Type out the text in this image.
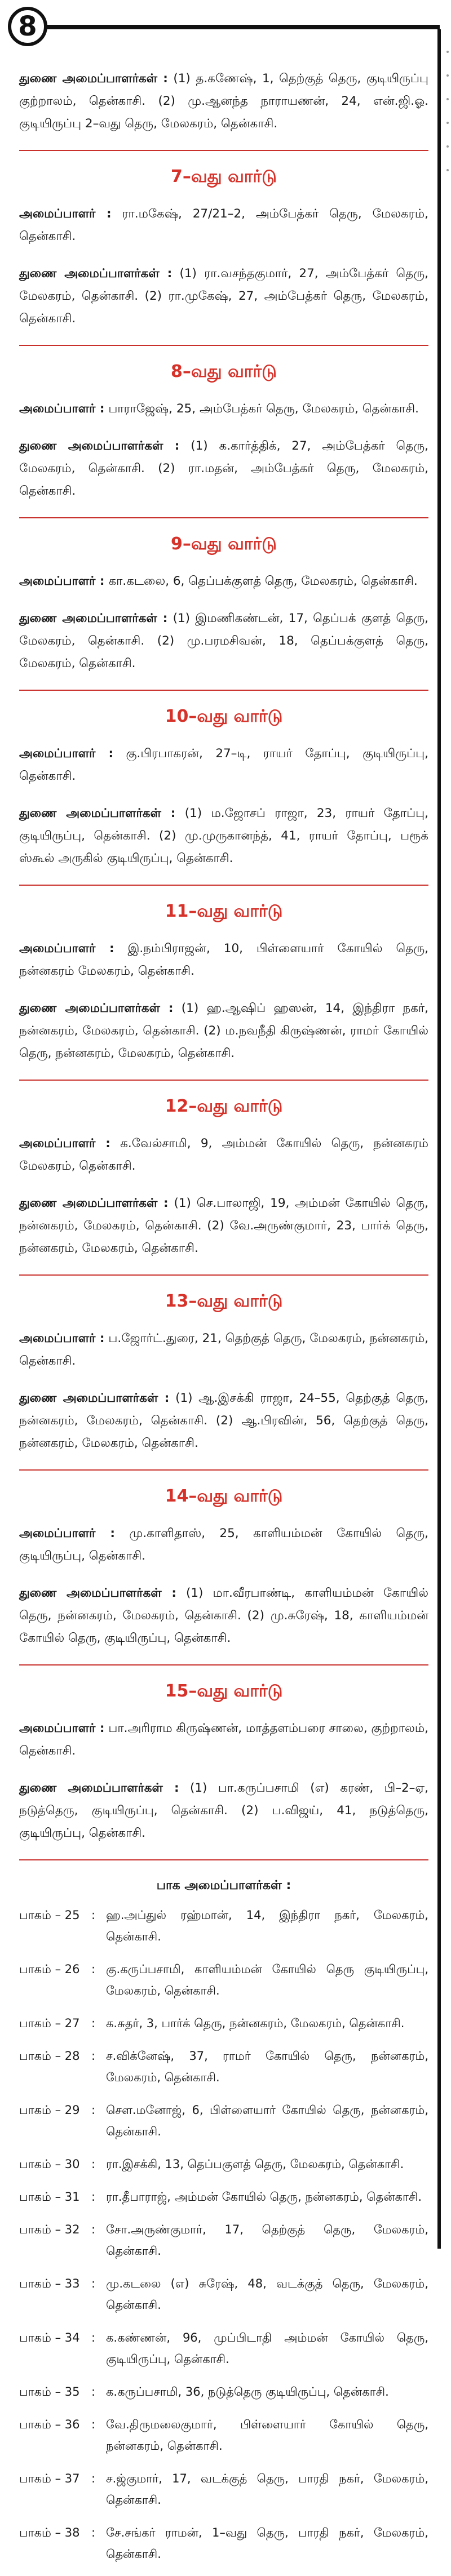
8

துணை அமைப்பாளர்கள் : (1) த.கணேஷ், 1, தெற்குத் தெரு, குடியிருப்பு குற்றாலம், தென்காசி. (2) மு.ஆனந்த நாராயணன், 24, என்.ஜி.ஓ. குடியிருப்பு 2–வது தெரு, மேலகரம், தென்காசி.

7–வது வார்டு

அமைப்பாளர் : ரா.மகேஷ், 27/21–2, அம்பேத்கர் தெரு, மேலகரம், தென்காசி.

துணை அமைப்பாளர்கள் : (1) ரா.வசந்தகுமார், 27, அம்பேத்கர் தெரு, மேலகரம், தென்காசி. (2) ரா.முகேஷ், 27, அம்பேத்கர் தெரு, மேலகரம், தென்காசி.

8–வது வார்டு

அமைப்பாளர் : பாராஜேஷ், 25, அம்பேத்கர் தெரு, மேலகரம், தென்காசி.

துணை அமைப்பாளர்கள் : (1) க.கார்த்திக், 27, அம்பேத்கர் தெரு, மேலகரம், தென்காசி. (2) ரா.மதன், அம்பேத்கர் தெரு, மேலகரம், தென்காசி.

9–வது வார்டு

அமைப்பாளர் : கா.கடலை, 6, தெப்பக்குளத் தெரு, மேலகரம், தென்காசி.

துணை அமைப்பாளர்கள் : (1) இமணிகண்டன், 17, தெப்பக் குளத் தெரு, மேலகரம், தென்காசி. (2) மு.பரமசிவன், 18, தெப்பக்குளத் தெரு, மேலகரம், தென்காசி.

10–வது வார்டு

அமைப்பாளர் : கு.பிரபாகரன், 27–டி, ராயர் தோப்பு, குடியிருப்பு, தென்காசி.

துணை அமைப்பாளர்கள் : (1) ம.ஜோசப் ராஜா, 23, ராயர் தோப்பு, குடியிருப்பு, தென்காசி. (2) மு.முருகானந்த், 41, ராயர் தோப்பு, பரூக் ஸ்கூல் அருகில் குடியிருப்பு, தென்காசி.

11–வது வார்டு

அமைப்பாளர் : இ.நம்பிராஜன், 10, பிள்ளையார் கோயில் தெரு, நன்னகரம் மேலகரம், தென்காசி.

துணை அமைப்பாளர்கள் : (1) ஹ.ஆஷிப் ஹஸன், 14, இந்திரா நகர், நன்னகரம், மேலகரம், தென்காசி. (2) ம.நவநீதி கிருஷ்ணன், ராமர் கோயில் தெரு, நன்னகரம், மேலகரம், தென்காசி.

12–வது வார்டு

அமைப்பாளர் : க.வேல்சாமி, 9, அம்மன் கோயில் தெரு, நன்னகரம் மேலகரம், தென்காசி.

துணை அமைப்பாளர்கள் : (1) செ.பாலாஜி, 19, அம்மன் கோயில் தெரு, நன்னகரம், மேலகரம், தென்காசி. (2) வே.அருண்குமார், 23, பார்க் தெரு, நன்னகரம், மேலகரம், தென்காசி.

13–வது வார்டு

அமைப்பாளர் : ப.ஜோர்ட்.துரை, 21, தெற்குத் தெரு, மேலகரம், நன்னகரம், தென்காசி.

துணை அமைப்பாளர்கள் : (1) ஆ.இசக்கி ராஜா, 24–55, தெற்குத் தெரு, நன்னகரம், மேலகரம், தென்காசி. (2) ஆ.பிரவின், 56, தெற்குத் தெரு, நன்னகரம், மேலகரம், தென்காசி.

14–வது வார்டு

அமைப்பாளர் : மு.காளிதாஸ், 25, காளியம்மன் கோயில் தெரு, குடியிருப்பு, தென்காசி.

துணை அமைப்பாளர்கள் : (1) மா.வீரபாண்டி, காளியம்மன் கோயில் தெரு, நன்னகரம், மேலகரம், தென்காசி. (2) மு.சுரேஷ், 18, காளியம்மன் கோயில் தெரு, குடியிருப்பு, தென்காசி.

15–வது வார்டு

அமைப்பாளர் : பா.அரிராம கிருஷ்ணன், மாத்தளம்பரை சாலை, குற்றாலம், தென்காசி.

துணை அமைப்பாளர்கள் : (1) பா.கருப்பசாமி (எ) கரண், பி–2–ஏ, நடுத்தெரு, குடியிருப்பு, தென்காசி. (2) ப.விஜய், 41, நடுத்தெரு, குடியிருப்பு, தென்காசி.

பாக அமைப்பாளர்கள் :
பாகம் – 25 : ஹ.அப்துல் ரஹ்மான், 14, இந்திரா நகர், மேலகரம், தென்காசி.
பாகம் – 26 : கு.கருப்பசாமி, காளியம்மன் கோயில் தெரு குடியிருப்பு, மேலகரம், தென்காசி.
பாகம் – 27 : க.சுதர், 3, பார்க் தெரு, நன்னகரம், மேலகரம், தென்காசி.
பாகம் – 28 : ச.விக்னேஷ், 37, ராமர் கோயில் தெரு, நன்னகரம், மேலகரம், தென்காசி.
பாகம் – 29 : சௌ.மனோஜ், 6, பிள்ளையார் கோயில் தெரு, நன்னகரம், தென்காசி.
பாகம் – 30 : ரா.இசக்கி, 13, தெப்பகுளத் தெரு, மேலகரம், தென்காசி.
பாகம் – 31 : ரா.தீபாராஜ், அம்மன் கோயில் தெரு, நன்னகரம், தென்காசி.
பாகம் – 32 : சோ.அருண்குமார், 17, தெற்குத் தெரு, மேலகரம், தென்காசி.
பாகம் – 33 : மு.கடலை (எ) சுரேஷ், 48, வடக்குத் தெரு, மேலகரம், தென்காசி.
பாகம் – 34 : க.கண்ணன், 96, முப்பிடாதி அம்மன் கோயில் தெரு, குடியிருப்பு, தென்காசி.
பாகம் – 35 : க.கருப்பசாமி, 36, நடுத்தெரு குடியிருப்பு, தென்காசி.
பாகம் – 36 : வே.திருமலைகுமார், பிள்ளையார் கோயில் தெரு, நன்னகரம், தென்காசி.
பாகம் – 37 : ச.ஜ்குமார், 17, வடக்குத் தெரு, பாரதி நகர், மேலகரம், தென்காசி.
பாகம் – 38 : சே.சங்கர் ராமன், 1–வது தெரு, பாரதி நகர், மேலகரம், தென்காசி.
